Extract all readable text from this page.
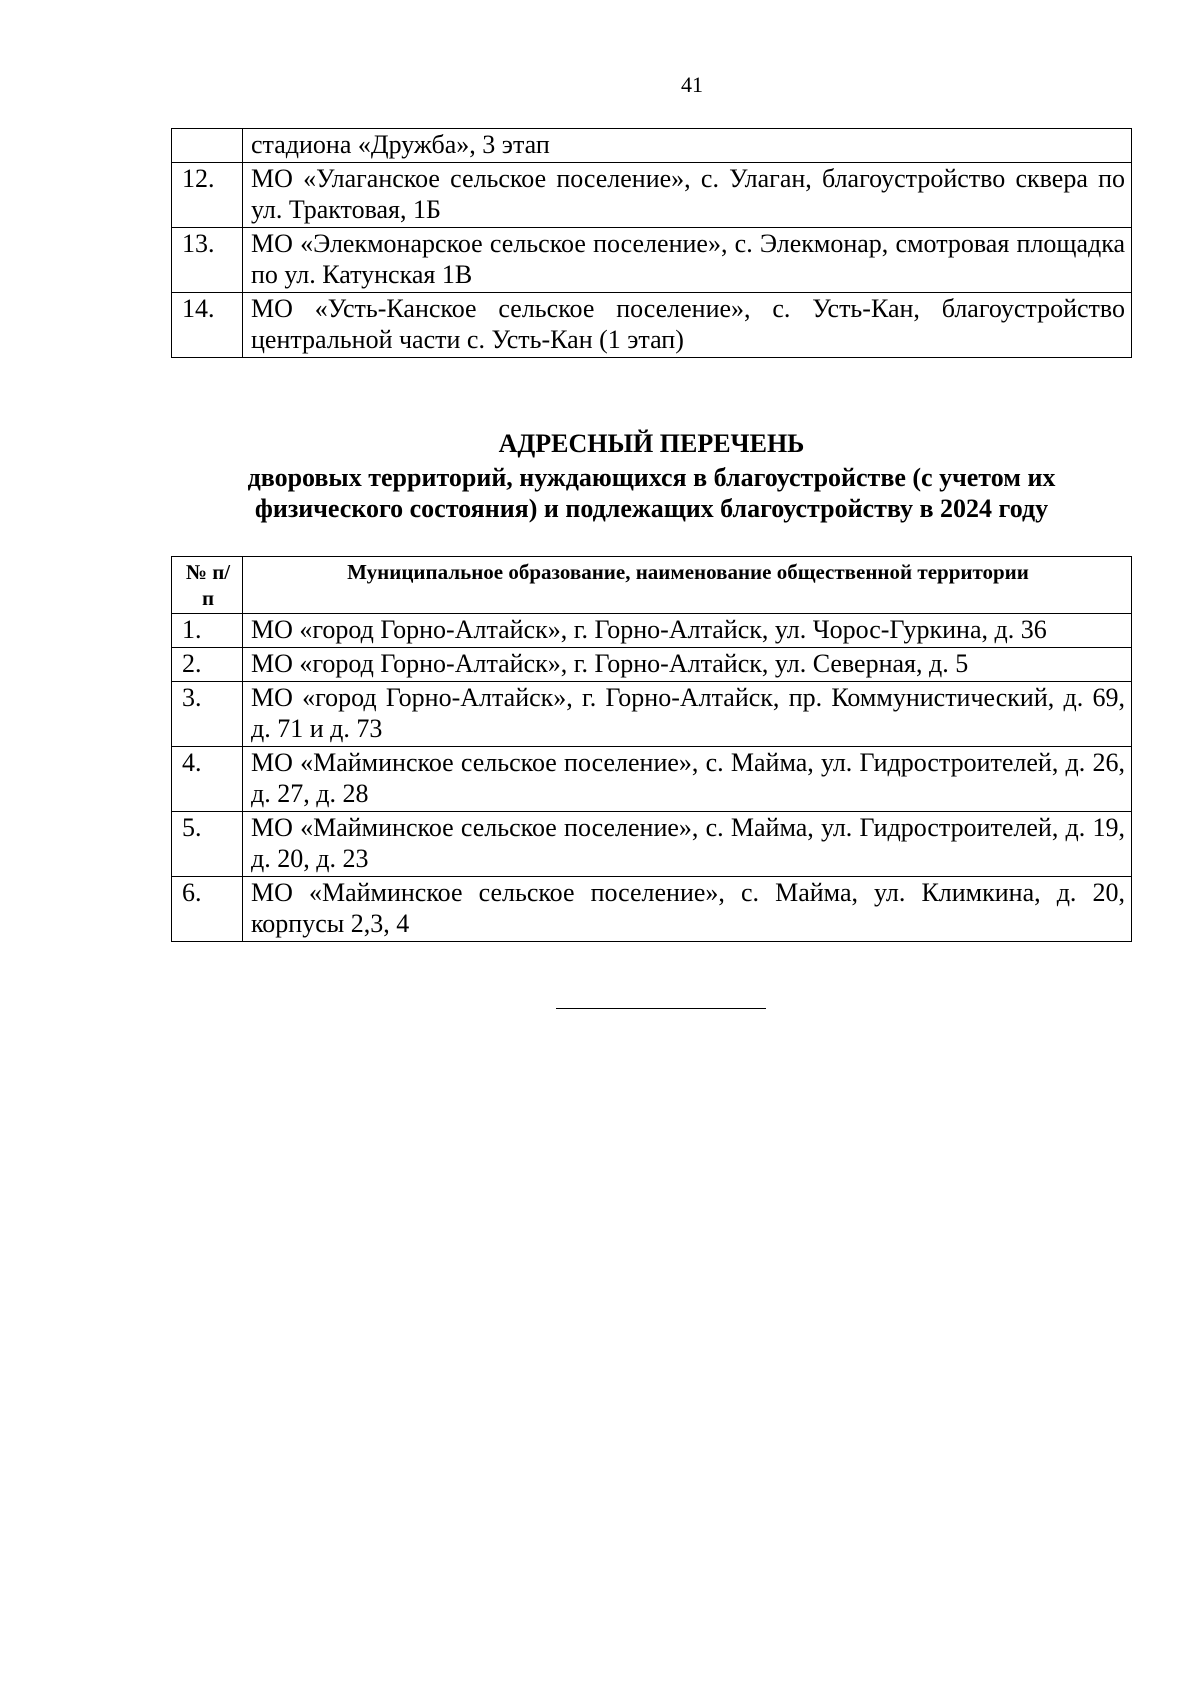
41
	стадиона «Дружба», 3 этап
12.	МО «Улаганское сельское поселение», с. Улаган, благоустройство сквера по ул. Трактовая, 1Б
13.	МО «Элекмонарское сельское поселение», с. Элекмонар, смотровая площадка по ул. Катунская 1В
14.	МО «Усть-Канское сельское поселение», с. Усть-Кан, благоустройство центральной части с. Усть-Кан (1 этап)
АДРЕСНЫЙ ПЕРЕЧЕНЬ
дворовых территорий, нуждающихся в благоустройстве (с учетом их физического состояния) и подлежащих благоустройству в 2024 году
№ п/п	Муниципальное образование, наименование общественной территории
1.	МО «город Горно-Алтайск», г. Горно-Алтайск, ул. Чорос-Гуркина, д. 36
2.	МО «город Горно-Алтайск», г. Горно-Алтайск, ул. Северная, д. 5
3.	МО «город Горно-Алтайск», г. Горно-Алтайск, пр. Коммунистический, д. 69, д. 71 и д. 73
4.	МО «Майминское сельское поселение», с. Майма, ул. Гидростроителей, д. 26, д. 27, д. 28
5.	МО «Майминское сельское поселение», с. Майма, ул. Гидростроителей, д. 19, д. 20, д. 23
6.	МО «Майминское сельское поселение», с. Майма, ул. Климкина, д. 20, корпусы 2,3, 4
